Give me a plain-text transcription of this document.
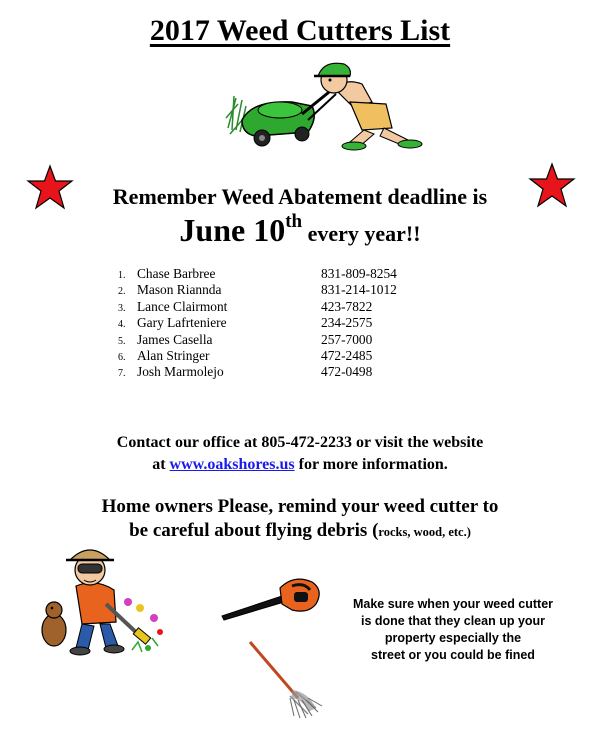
2017 Weed Cutters List
Remember Weed Abatement deadline is
June 10th every year!!
1. Chase Barbree	831-809-8254
2. Mason Riannda	831-214-1012
3. Lance Clairmont	423-7822
4. Gary Lafrteniere	234-2575
5. James Casella	257-7000
6. Alan Stringer	472-2485
7. Josh Marmolejo	472-0498
Contact our office at 805-472-2233 or visit the website
at www.oakshores.us for more information.
Home owners Please, remind your weed cutter to
be careful about flying debris (rocks, wood, etc.)
Make sure when your weed cutter
is done that they clean up your
property especially the
street or you could be fined
